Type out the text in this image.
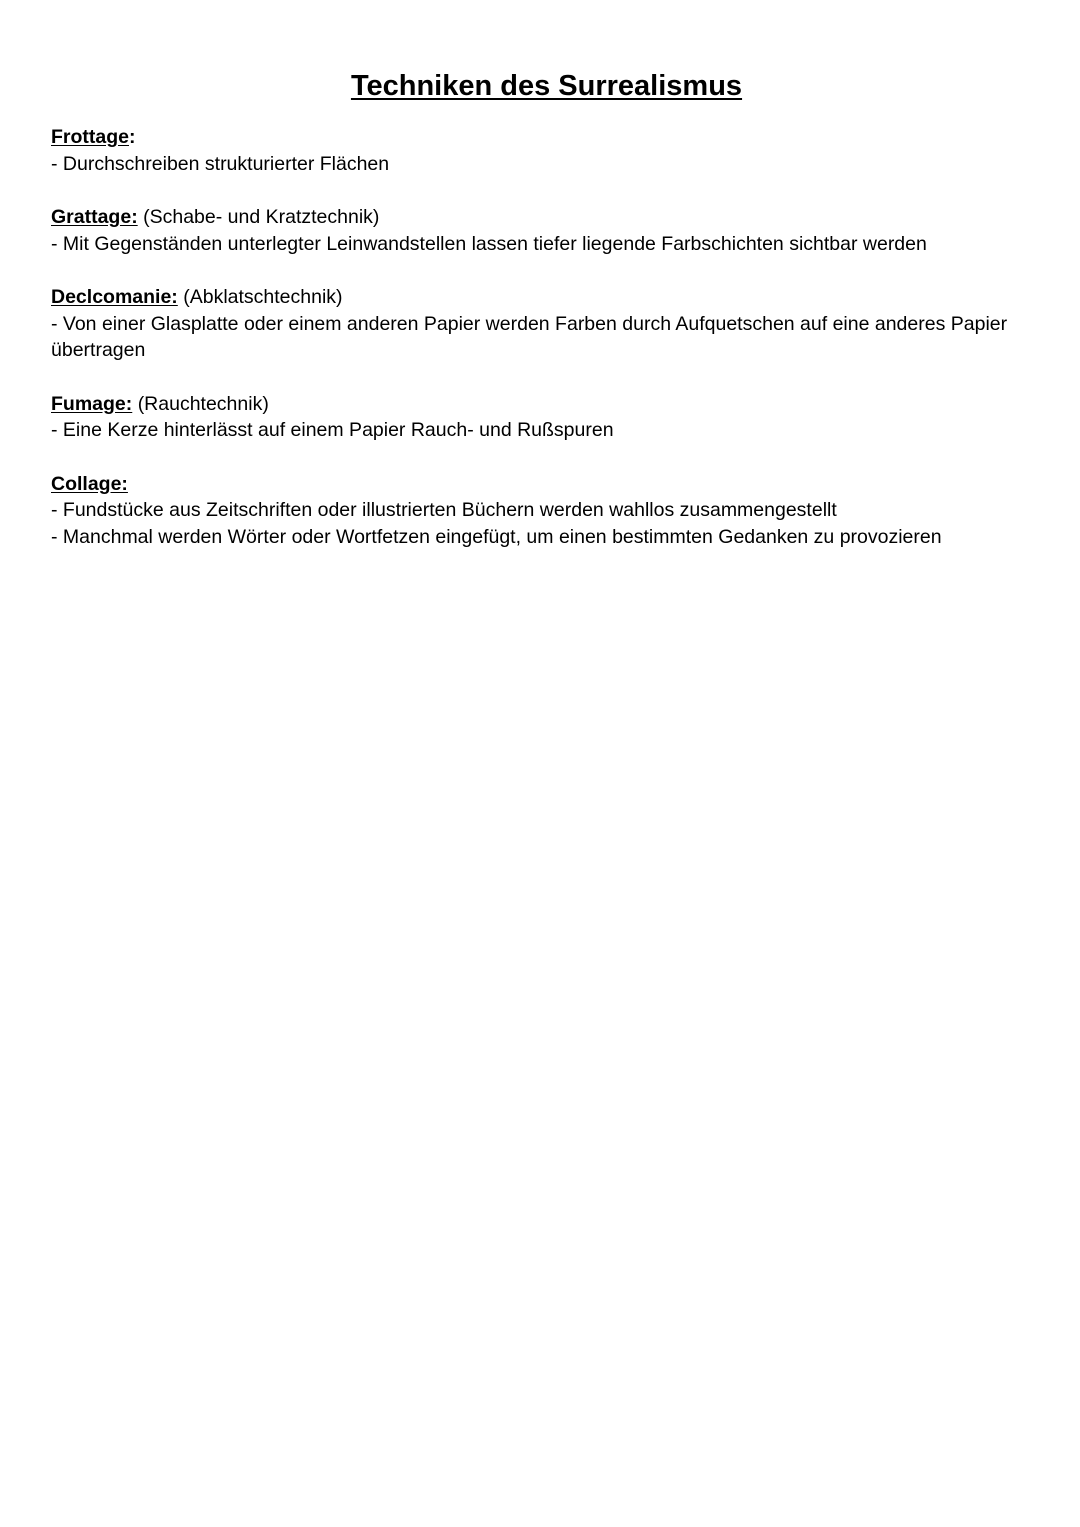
Techniken des Surrealismus

Frottage:

- Durchschreiben strukturierter Flächen

Grattage: (Schabe- und Kratztechnik)

- Mit Gegenständen unterlegter Leinwandstellen lassen tiefer liegende Farbschichten sichtbar werden

Declcomanie: (Abklatschtechnik)

- Von einer Glasplatte oder einem anderen Papier werden Farben durch Aufquetschen auf eine anderes Papier übertragen

Fumage: (Rauchtechnik)

- Eine Kerze hinterlässt auf einem Papier Rauch- und Rußspuren

Collage:

- Fundstücke aus Zeitschriften oder illustrierten Büchern werden wahllos zusammengestellt

- Manchmal werden Wörter oder Wortfetzen eingefügt, um einen bestimmten Gedanken zu provozieren
